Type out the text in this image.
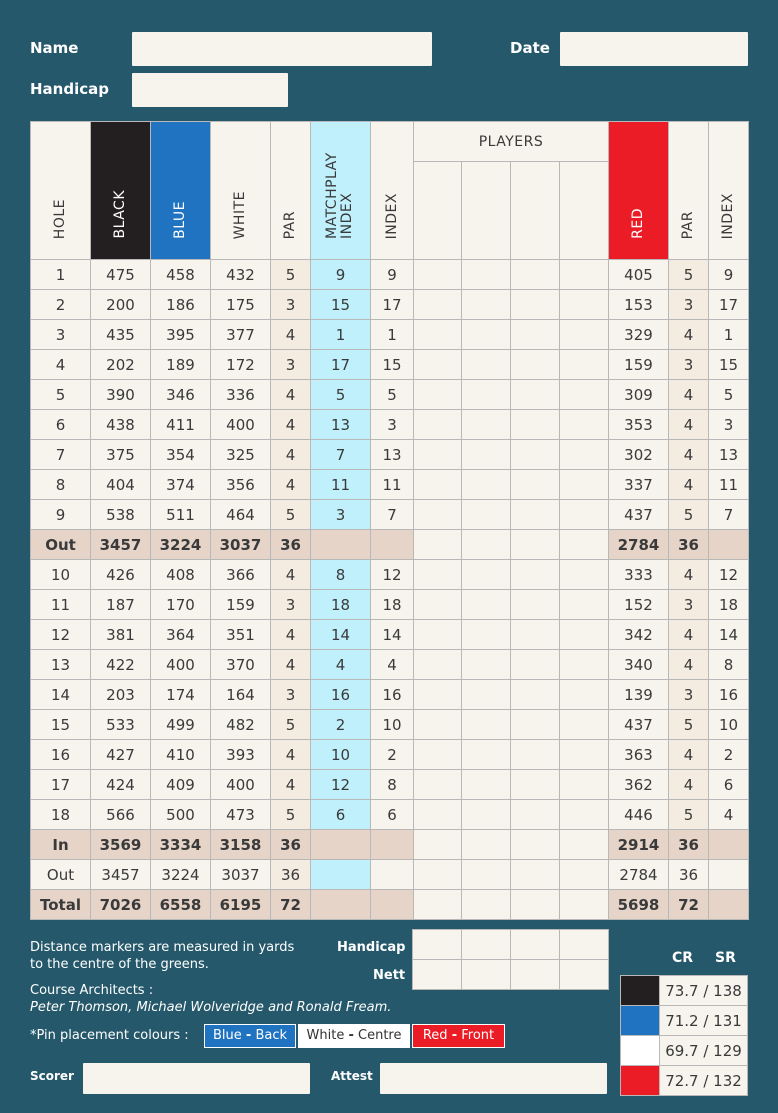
Name	Date
Handicap
HOLE	BLACK	BLUE	WHITE	PAR	MATCHPLAY INDEX	INDEX	PLAYERS				RED	PAR	INDEX

1	475	458	432	5	9	9					405	5	9
2	200	186	175	3	15	17					153	3	17
3	435	395	377	4	1	1					329	4	1
4	202	189	172	3	17	15					159	3	15
5	390	346	336	4	5	5					309	4	5
6	438	411	400	4	13	3					353	4	3
7	375	354	325	4	7	13					302	4	13
8	404	374	356	4	11	11					337	4	11
9	538	511	464	5	3	7					437	5	7
Out	3457	3224	3037	36							2784	36	
10	426	408	366	4	8	12					333	4	12
11	187	170	159	3	18	18					152	3	18
12	381	364	351	4	14	14					342	4	14
13	422	400	370	4	4	4					340	4	8
14	203	174	164	3	16	16					139	3	16
15	533	499	482	5	2	10					437	5	10
16	427	410	393	4	10	2					363	4	2
17	424	409	400	4	12	8					362	4	6
18	566	500	473	5	6	6					446	5	4
In	3569	3334	3158	36							2914	36	
Out	3457	3224	3037	36							2784	36	
Total	7026	6558	6195	72							5698	72	
Handicap
Nett

Distance markers are measured in yards
to the centre of the greens.
Course Architects :
Peter Thomson, Michael Wolveridge and Ronald Fream.
*Pin placement colours :	Blue - Back	White - Centre	Red - Front
Scorer	Attest
CR SR
	73.7 / 138
	71.2 / 131
	69.7 / 129
	72.7 / 132
